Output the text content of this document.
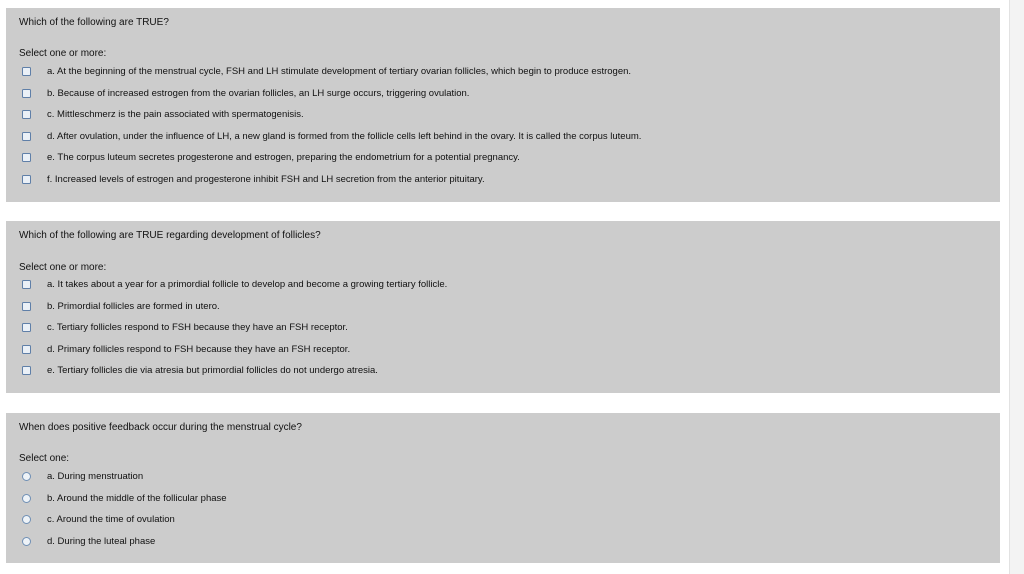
Which of the following are TRUE?
Select one or more:
a. At the beginning of the menstrual cycle, FSH and LH stimulate development of tertiary ovarian follicles, which begin to produce estrogen.
b. Because of increased estrogen from the ovarian follicles, an LH surge occurs, triggering ovulation.
c. Mittleschmerz is the pain associated with spermatogenisis.
d. After ovulation, under the influence of LH, a new gland is formed from the follicle cells left behind in the ovary. It is called the corpus luteum.
e. The corpus luteum secretes progesterone and estrogen, preparing the endometrium for a potential pregnancy.
f. Increased levels of estrogen and progesterone inhibit FSH and LH secretion from the anterior pituitary.
Which of the following are TRUE regarding development of follicles?
Select one or more:
a. It takes about a year for a primordial follicle to develop and become a growing tertiary follicle.
b. Primordial follicles are formed in utero.
c. Tertiary follicles respond to FSH because they have an FSH receptor.
d. Primary follicles respond to FSH because they have an FSH receptor.
e. Tertiary follicles die via atresia but primordial follicles do not undergo atresia.
When does positive feedback occur during the menstrual cycle?
Select one:
a. During menstruation
b. Around the middle of the follicular phase
c. Around the time of ovulation
d. During the luteal phase
